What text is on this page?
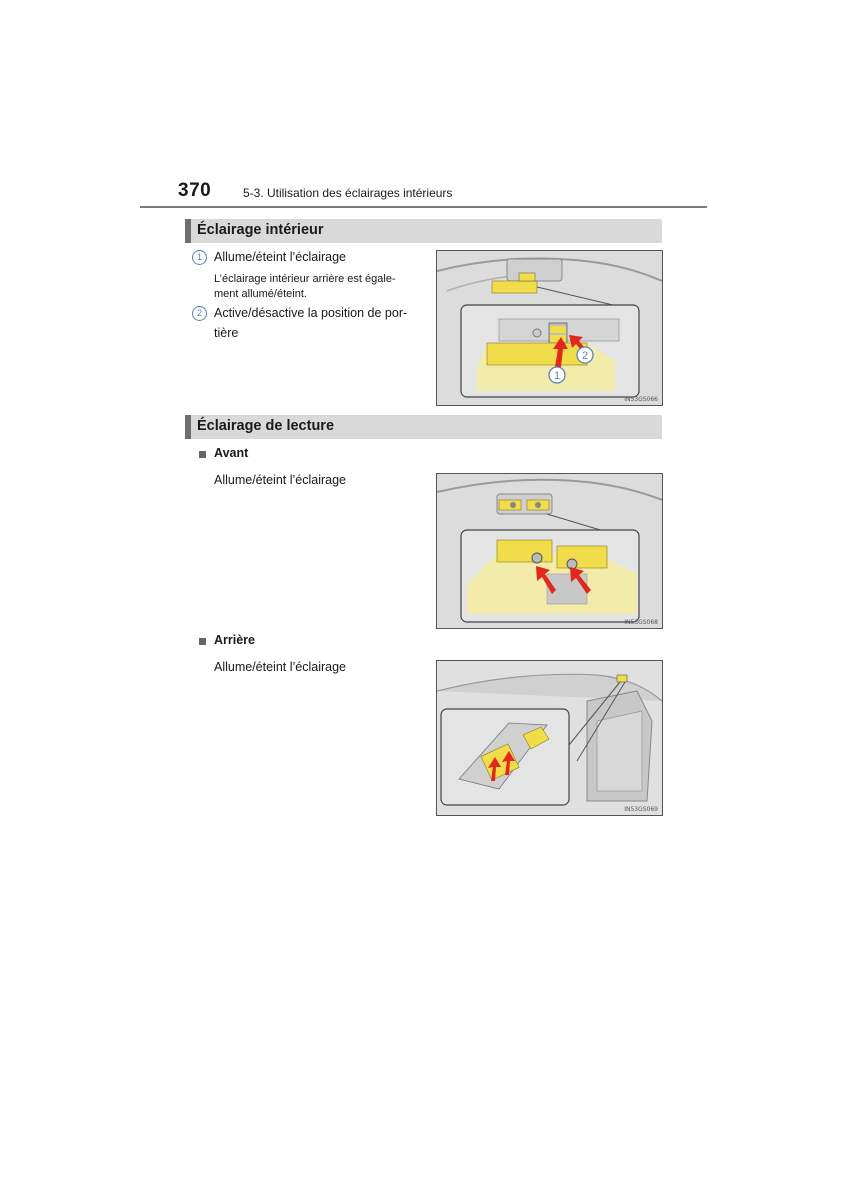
370	5-3. Utilisation des éclairages intérieurs
Éclairage intérieur
1 Allume/éteint l’éclairage
L’éclairage intérieur arrière est égale-
ment allumé/éteint.
2 Active/désactive la position de por-
tière
1
2
IN53GS066
Éclairage de lecture
Avant
Allume/éteint l’éclairage
IN53GS068
Arrière
Allume/éteint l’éclairage
IN53GS069
